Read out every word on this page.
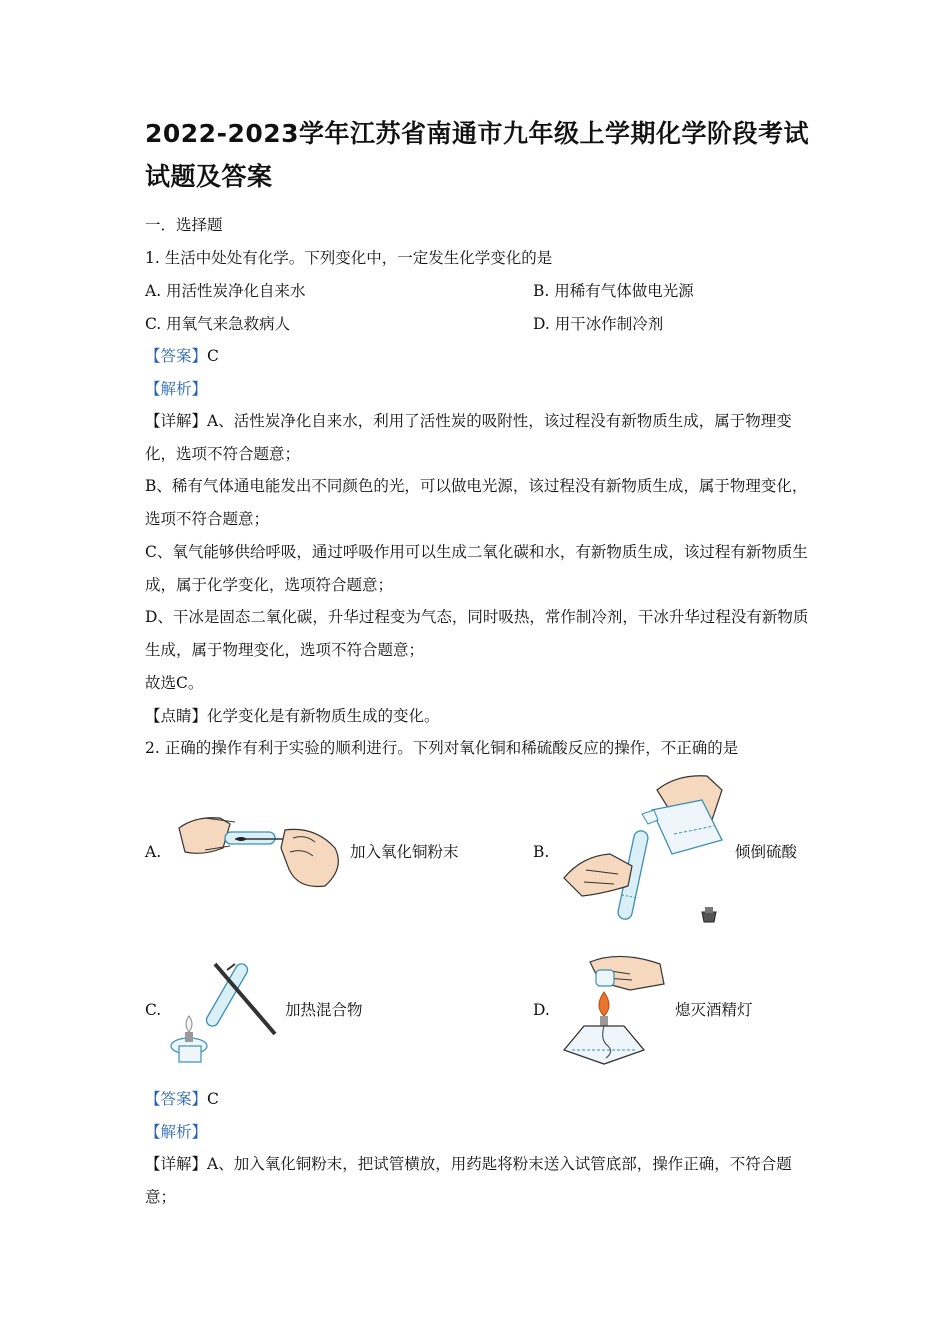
2022-2023学年江苏省南通市九年级上学期化学阶段考试试题及答案
一．选择题
1. 生活中处处有化学。下列变化中，一定发生化学变化的是
A. 用活性炭净化自来水	B. 用稀有气体做电光源
C. 用氧气来急救病人	D. 用干冰作制冷剂
【答案】C
【解析】
【详解】A、活性炭净化自来水，利用了活性炭的吸附性，该过程没有新物质生成，属于物理变化，选项不符合题意；
B、稀有气体通电能发出不同颜色的光，可以做电光源，该过程没有新物质生成，属于物理变化，选项不符合题意；
C、氧气能够供给呼吸，通过呼吸作用可以生成二氧化碳和水，有新物质生成，该过程有新物质生成，属于化学变化，选项符合题意；
D、干冰是固态二氧化碳，升华过程变为气态，同时吸热，常作制冷剂，干冰升华过程没有新物质生成，属于物理变化，选项不符合题意；
故选C。
【点睛】化学变化是有新物质生成的变化。
2. 正确的操作有利于实验的顺利进行。下列对氧化铜和稀硫酸反应的操作，不正确的是
A.	加入氧化铜粉末	B.	倾倒硫酸
C.	加热混合物	D.	熄灭酒精灯
【答案】C
【解析】
【详解】A、加入氧化铜粉末，把试管横放，用药匙将粉末送入试管底部，操作正确，不符合题意；
